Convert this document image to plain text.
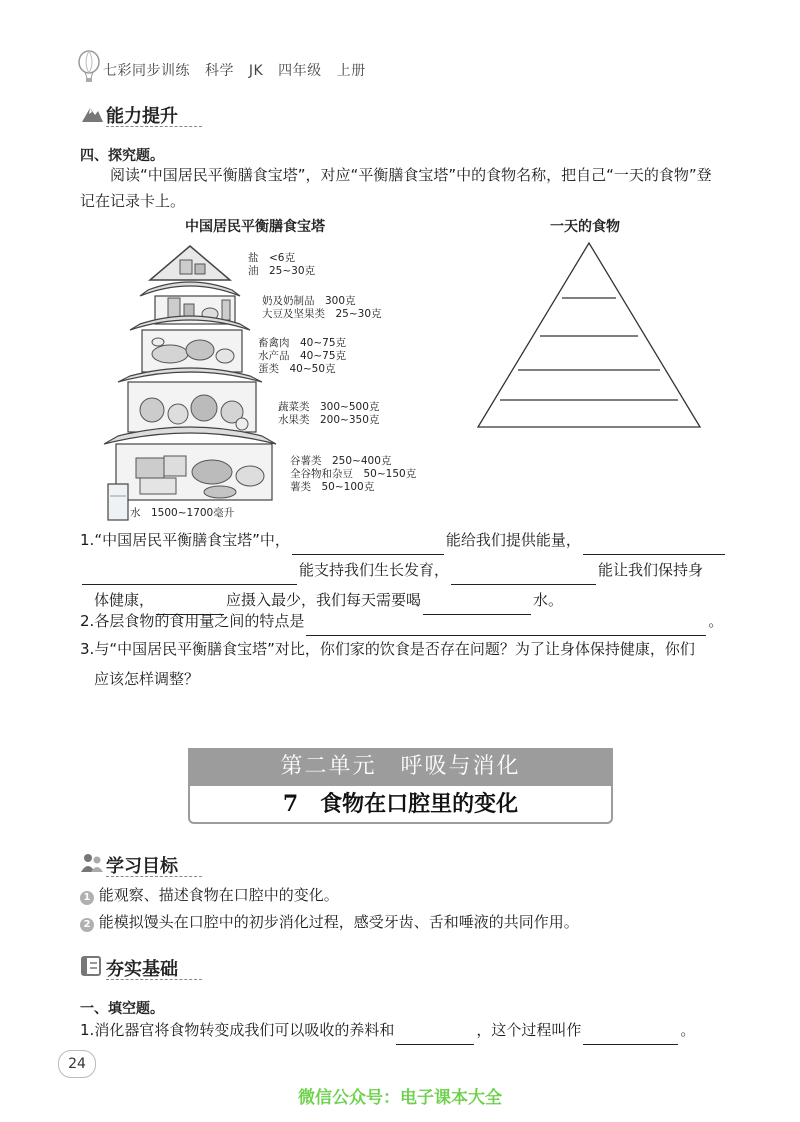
七彩同步训练 科学 JK 四年级 上册
能力提升
四、探究题。
阅读“中国居民平衡膳食宝塔”，对应“平衡膳食宝塔”中的食物名称，把自己“一天的食物”登
记在记录卡上。
中国居民平衡膳食宝塔
盐　<6克
油　25~30克
奶及奶制品　300克
大豆及坚果类　25~30克
畜禽肉　40~75克
水产品　40~75克
蛋类　40~50克
蔬菜类　300~500克
水果类　200~350克
谷薯类　250~400克
全谷物和杂豆　50~150克
薯类　50~100克
水　1500~1700毫升
一天的食物
1.“中国居民平衡膳食宝塔”中，	能给我们提供能量，
能支持我们生长发育，	能让我们保持身
体健康，	应摄入最少，我们每天需要喝	水。
2.各层食物的食用量之间的特点是	。
3.与“中国居民平衡膳食宝塔”对比，你们家的饮食是否存在问题？为了让身体保持健康，你们
应该怎样调整？
第二单元　呼吸与消化
7　食物在口腔里的变化
学习目标
1 能观察、描述食物在口腔中的变化。
2 能模拟馒头在口腔中的初步消化过程，感受牙齿、舌和唾液的共同作用。
夯实基础
一、填空题。
1.消化器官将食物转变成我们可以吸收的养料和	，这个过程叫作	。
24
微信公众号：电子课本大全
